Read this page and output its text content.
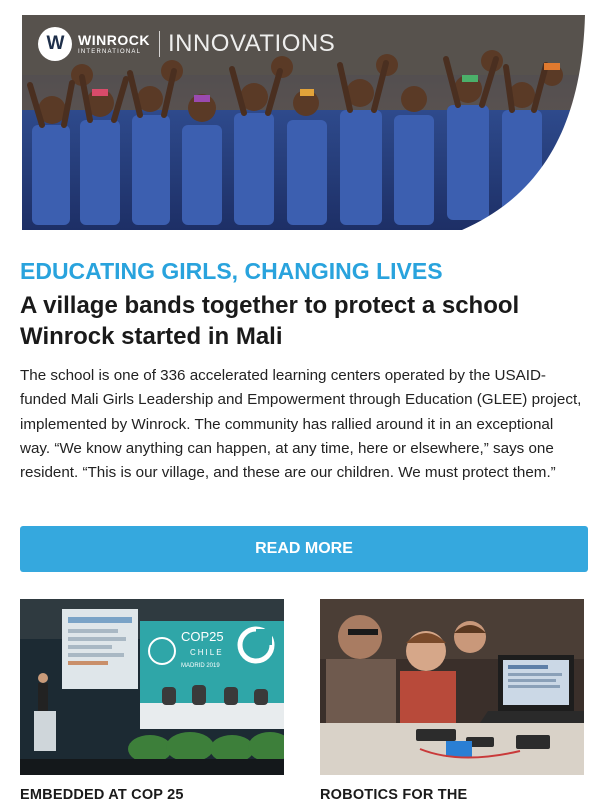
W WINROCK
INTERNATIONAL	INNOVATIONS
EDUCATING GIRLS, CHANGING LIVES
A village bands together to protect a school Winrock started in Mali

The school is one of 336 accelerated learning centers operated by the USAID-funded Mali Girls Leadership and Empowerment through Education (GLEE) project, implemented by Winrock. The community has rallied around it in an exceptional way. “We know anything can happen, at any time, here or elsewhere,” says one resident. “This is our village, and these are our children. We must protect them.”

READ MORE
COP25
CHILE
MADRID 2019
EMBEDDED AT COP 25	ROBOTICS FOR THE
